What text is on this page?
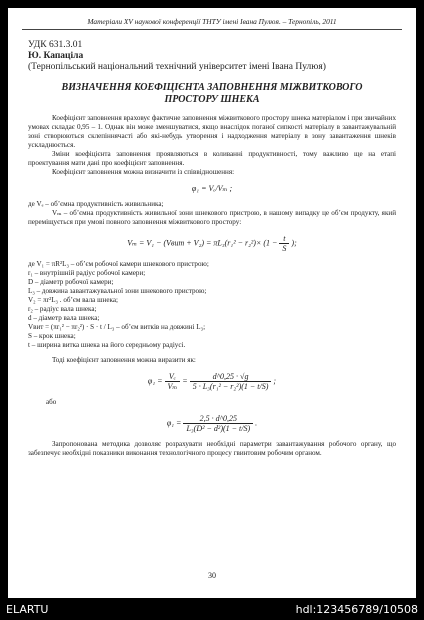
Матеріали XV наукової конференції ТНТУ імені Івана Пулюя. – Тернопіль, 2011
УДК 631.3.01
Ю. Капаціла
(Тернопільський національний технічний університет імені Івана Пулюя)
ВИЗНАЧЕННЯ КОЕФІЦІЄНТА ЗАПОВНЕННЯ МІЖВИТКОВОГО ПРОСТОРУ ШНЕКА
Коефіцієнт заповнення враховує фактичне заповнення міжвиткового простору шнека матеріалом і при звичайних умовах складає 0,95 – 1. Однак він може зменшуватися, якщо внаслідок поганої сипкості матеріалу в завантажувальній зоні створюються склепіннячасті або які-небудь утворення і надходження матеріалу в зону завантаження шнеків ускладнюється.
Зміни коефіцієнта заповнення проявляються в коливанні продуктивності, тому важливо ще на етапі проектування мати дані про коефіцієнт заповнення.
Коефіцієнт заповнення можна визначити із співвідношення:
φ₁ = Vₑ/Vₘ ;
де Vₑ – об’ємна продуктивність живильника;
Vₘ – об’ємна продуктивність живильної зони шнекового пристрою, в нашому випадку це об’єм продукту, який переміщується при умові повного заповнення міжвиткового простору:
Vₘ = V₁ − (Vвит + $V_2) = \pi L_3(r_1^2 - r_2^2)\times (1 - \frac{t}{S}$ );
де V₁ = πR²L₃ – об’єм робочої камери шнекового пристрою;
r₁ – внутрішній радіус робочої камери;
D – діаметр робочої камери;
L₃ – довжина завантажувальної зони шнекового пристрою;
V₂ = πr²L₃ . об’єм вала шнека;
r₂ – радіус вала шнека;
d – діаметр вала шнека;
Vвит = (πr₁² − πr₂²) · S · t / L₃ – об’єм витків на довжині L₃;
S – крок шнека;
t – ширина витка шнека на його середньому радіусі.
Тоді коефіцієнт заповнення можна виразити як:
$\varphi_1 = \frac{\text{Vₑ}}{\text{Vₘ}} = \frac{d\^{}0,25 \cdot √g}{\text{5 · L₃(r₁² − r₂²)(1 − t/S)}}$ ;
або
$\varphi_1 = \frac{2,5 \cdot d\^{}0,25}{\text{L₃(D² − d²)(1 − t/S)}}$ .
Запропонована методика дозволяє розрахувати необхідні параметри завантажування робочого органу, що забезпечує необхідні показники виконання технологічного процесу гвинтовим робочим органом.
30
ELARTU	hdl:123456789/10508
